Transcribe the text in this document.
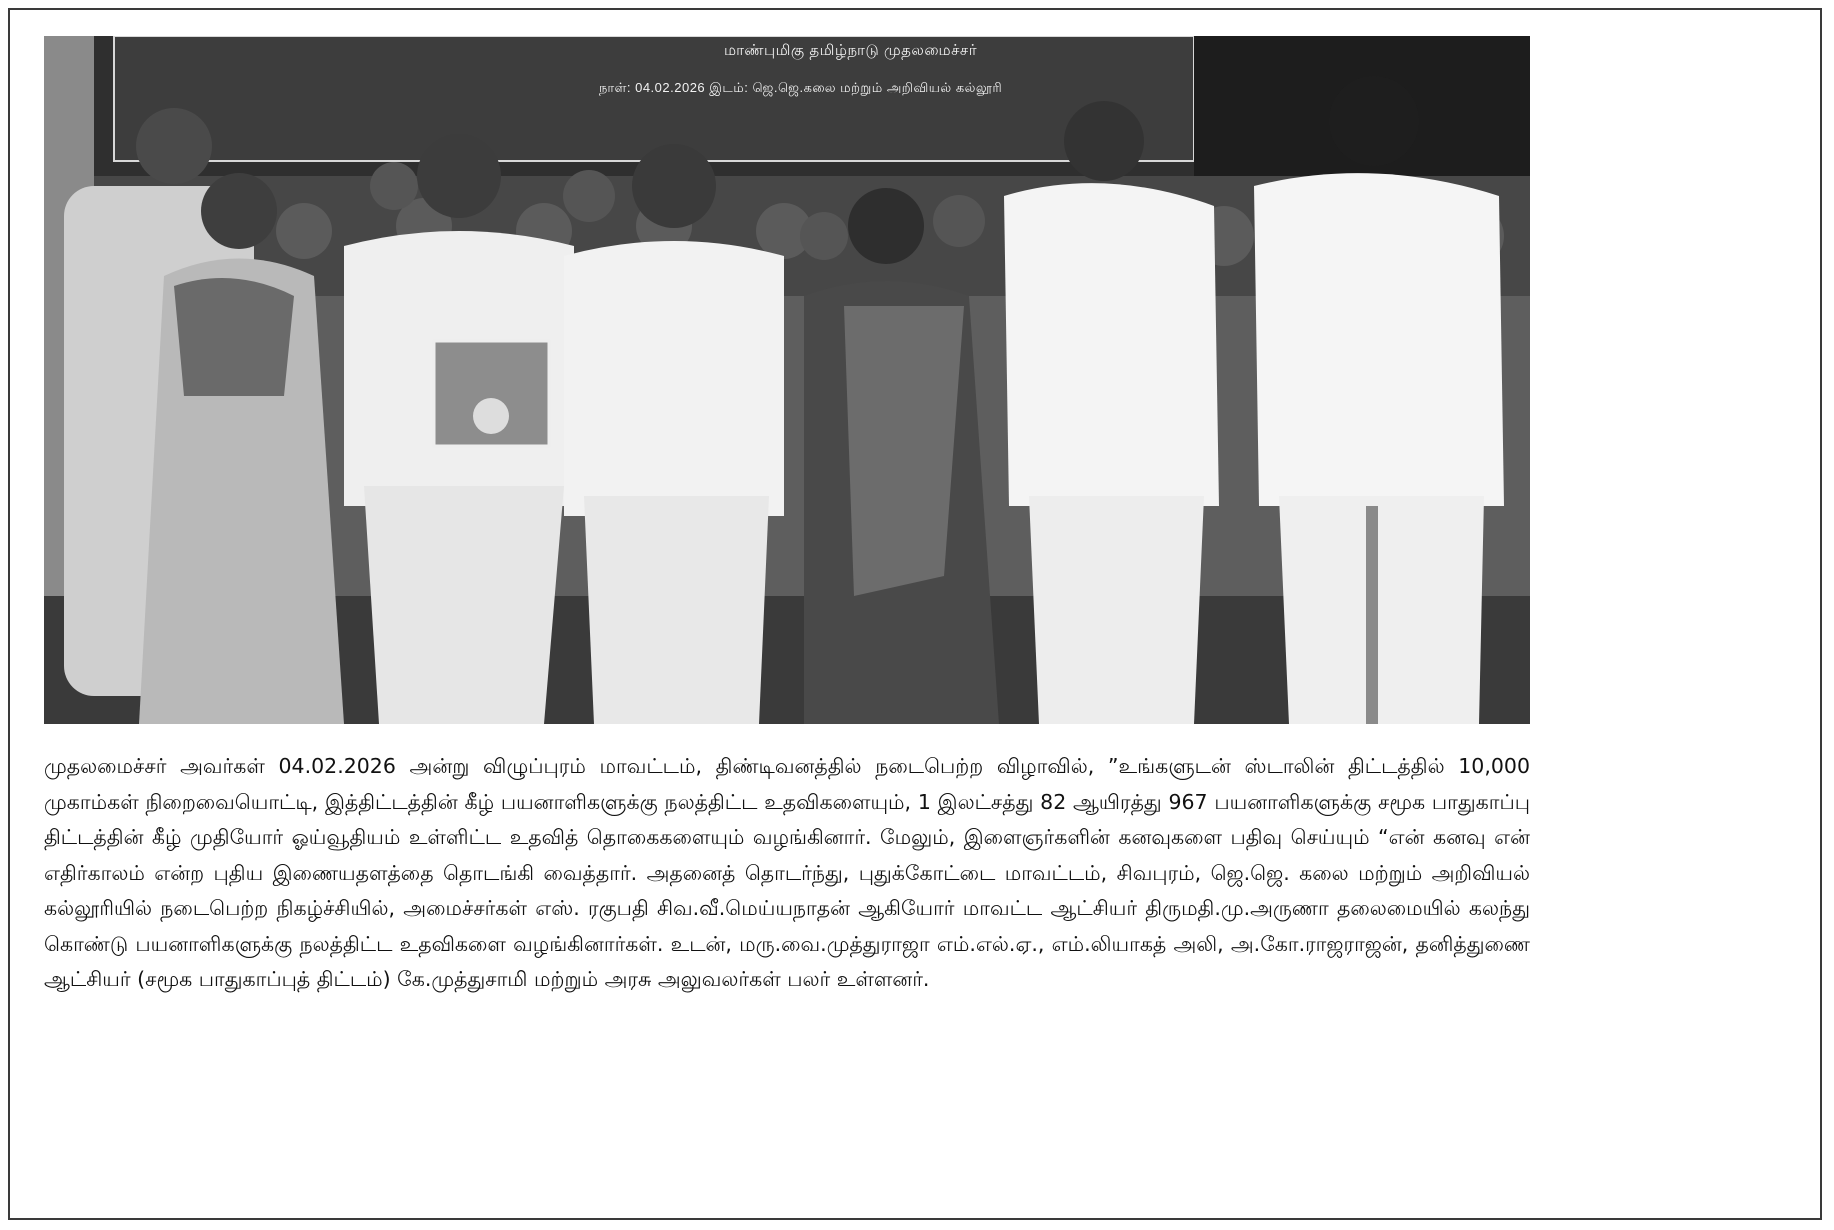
மாண்புமிகு தமிழ்நாடு முதலமைச்சர்
நாள்: 04.02.2026 இடம்: ஜெ.ஜெ.கலை மற்றும் அறிவியல் கல்லூரி

முதலமைச்சர் அவர்கள் 04.02.2026 அன்று விழுப்புரம் மாவட்டம், திண்டிவனத்தில் நடைபெற்ற விழாவில், ”உங்களுடன் ஸ்டாலின் திட்டத்தில் 10,000 முகாம்கள் நிறைவையொட்டி, இத்திட்டத்தின் கீழ் பயனாளிகளுக்கு நலத்திட்ட உதவிகளையும், 1 இலட்சத்து 82 ஆயிரத்து 967 பயனாளிகளுக்கு சமூக பாதுகாப்பு திட்டத்தின் கீழ் முதியோர் ஓய்வூதியம் உள்ளிட்ட உதவித் தொகைகளையும் வழங்கினார். மேலும், இளைஞர்களின் கனவுகளை பதிவு செய்யும் “என் கனவு என் எதிர்காலம் என்ற புதிய இணையதளத்தை தொடங்கி வைத்தார். அதனைத் தொடர்ந்து, புதுக்கோட்டை மாவட்டம், சிவபுரம், ஜெ.ஜெ. கலை மற்றும் அறிவியல் கல்லூரியில் நடைபெற்ற நிகழ்ச்சியில், அமைச்சர்கள் எஸ். ரகுபதி சிவ.வீ.மெய்யநாதன் ஆகியோர் மாவட்ட ஆட்சியர் திருமதி.மு.அருணா தலைமையில் கலந்து கொண்டு பயனாளிகளுக்கு நலத்திட்ட உதவிகளை வழங்கினார்கள். உடன், மரு.வை.முத்துராஜா எம்.எல்.ஏ., எம்.லியாகத் அலி, அ.கோ.ராஜராஜன், தனித்துணை ஆட்சியர் (சமூக பாதுகாப்புத் திட்டம்) கே.முத்துசாமி மற்றும் அரசு அலுவலர்கள் பலர் உள்ளனர்.
